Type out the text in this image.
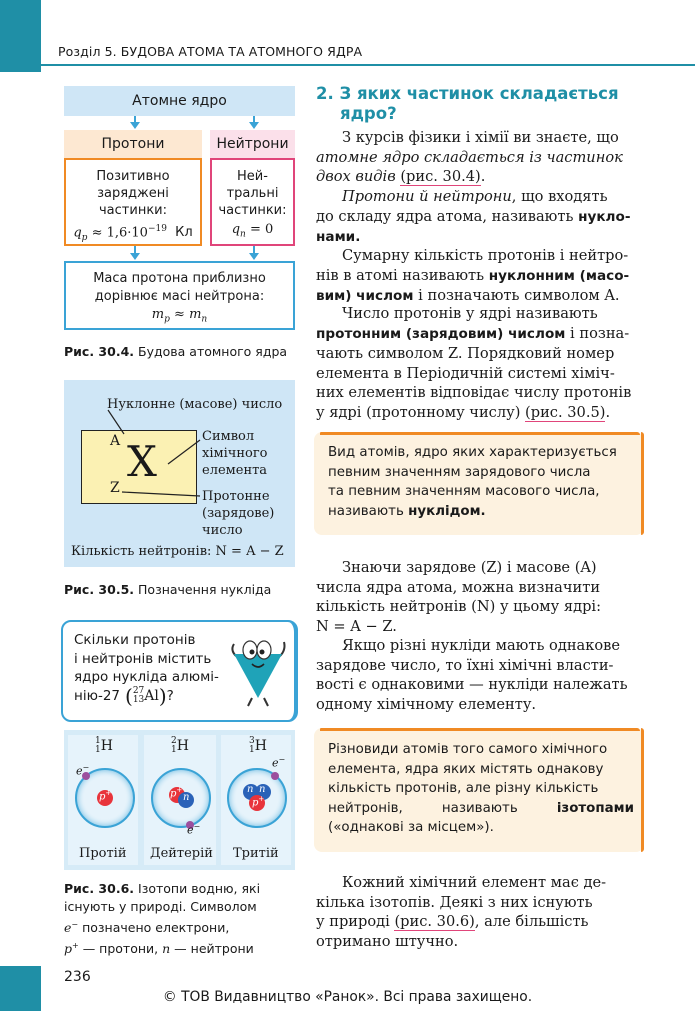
Розділ 5. БУДОВА АТОМА ТА АТОМНОГО ЯДРА
Атомне ядро
Протони	Нейтрони
Позитивно
заряджені
частинки:
$q_p \approx 1,6\cdot 10^{-19}$ Кл
Ней-
тральні
частинки:
$q_n = 0$
Маса протона приблизно
дорівнює масі нейтрона:
$m_p \approx m_n$
Рис. 30.4. Будова атомного ядра
Нуклонне (масове) число
A X
Z
Символ
хімічного
елемента
Протонне
(зарядове)
число
Кількість нейтронів: N = A − Z
Рис. 30.5. Позначення нукліда
Скільки протонів
і нейтронів містить
ядро нукліда алюмі-
нію-27 ( 27
13 Al ) ?
1
1 H	2
1 H	3
1 H
p+
e−
p+
n
e−
n n
p+
e−
Протій Дейтерій Тритій
Рис. 30.6. Ізотопи водню, які
існують у природі. Символом
e− позначено електрони,
p+ — протони, n — нейтрони
2. З яких частинок складається
ядро?
З курсів фізики і хімії ви знаєте, що
атомне ядро складається із частинок
двох видів (рис. 30.4).
Протони й нейтрони, що входять
до складу ядра атома, називають нукло-
нами.
Сумарну кількість протонів і нейтро-
нів в атомі називають нуклонним (масо-
вим) числом і позначають символом A.
Число протонів у ядрі називають
протонним (зарядовим) числом і позна-
чають символом Z. Порядковий номер
елемента в Періодичній системі хіміч-
них елементів відповідає числу протонів
у ядрі (протонному числу) (рис. 30.5).
Вид атомів, ядро яких характеризується
певним значенням зарядового числа
та певним значенням масового числа,
називають нуклідом.
Знаючи зарядове (Z) і масове (A)
числа ядра атома, можна визначити
кількість нейтронів (N) у цьому ядрі:
N = A − Z.
Якщо різні нукліди мають однакове
зарядове число, то їхні хімічні власти-
вості є однаковими — нукліди належать
одному хімічному елементу.
Різновиди атомів того самого хімічного
елемента, ядра яких містять однакову
кількість протонів, але різну кількість
нейтронів,	називають	ізотопами
(«однакові за місцем»).
Кожний хімічний елемент має де-
кілька ізотопів. Деякі з них існують
у природі (рис. 30.6), але більшість
отримано штучно.
236
© ТОВ Видавництво «Ранок». Всі права захищено.
